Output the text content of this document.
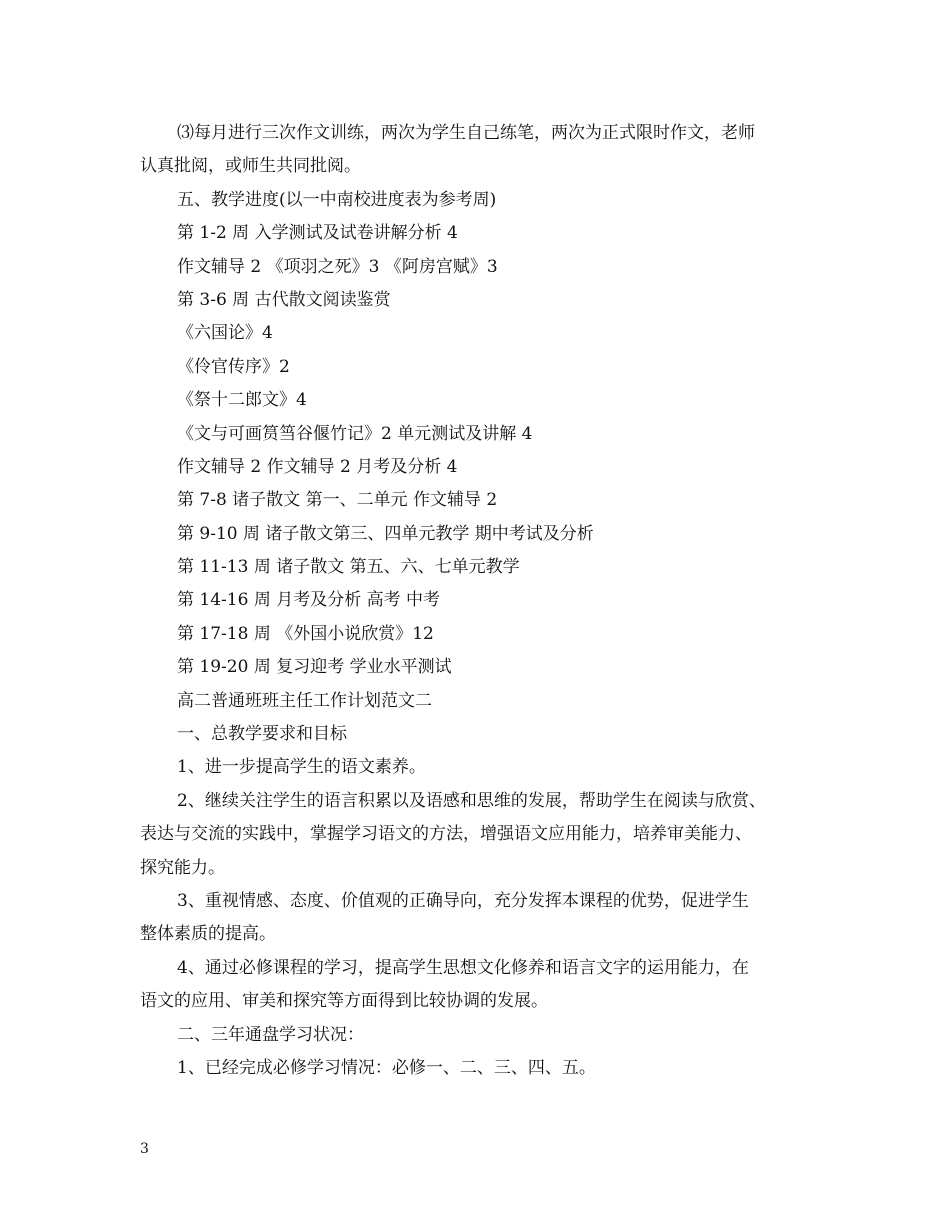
⑶每月进行三次作文训练，两次为学生自己练笔，两次为正式限时作文，老师
认真批阅，或师生共同批阅。
五、教学进度(以一中南校进度表为参考周)
第 1-2 周 入学测试及试卷讲解分析 4
作文辅导 2 《项羽之死》3 《阿房宫赋》3
第 3-6 周 古代散文阅读鉴赏
《六国论》4
《伶官传序》2
《祭十二郎文》4
《文与可画筼筜谷偃竹记》2 单元测试及讲解 4
作文辅导 2 作文辅导 2 月考及分析 4
第 7-8 诸子散文 第一、二单元 作文辅导 2
第 9-10 周 诸子散文第三、四单元教学 期中考试及分析
第 11-13 周 诸子散文 第五、六、七单元教学
第 14-16 周 月考及分析 高考 中考
第 17-18 周 《外国小说欣赏》12
第 19-20 周 复习迎考 学业水平测试
高二普通班班主任工作计划范文二
一、总教学要求和目标
1、进一步提高学生的语文素养。
2、继续关注学生的语言积累以及语感和思维的发展，帮助学生在阅读与欣赏、
表达与交流的实践中，掌握学习语文的方法，增强语文应用能力，培养审美能力、
探究能力。
3、重视情感、态度、价值观的正确导向，充分发挥本课程的优势，促进学生
整体素质的提高。
4、通过必修课程的学习，提高学生思想文化修养和语言文字的运用能力，在
语文的应用、审美和探究等方面得到比较协调的发展。
二、三年通盘学习状况：
1、已经完成必修学习情况：必修一、二、三、四、五。
3
